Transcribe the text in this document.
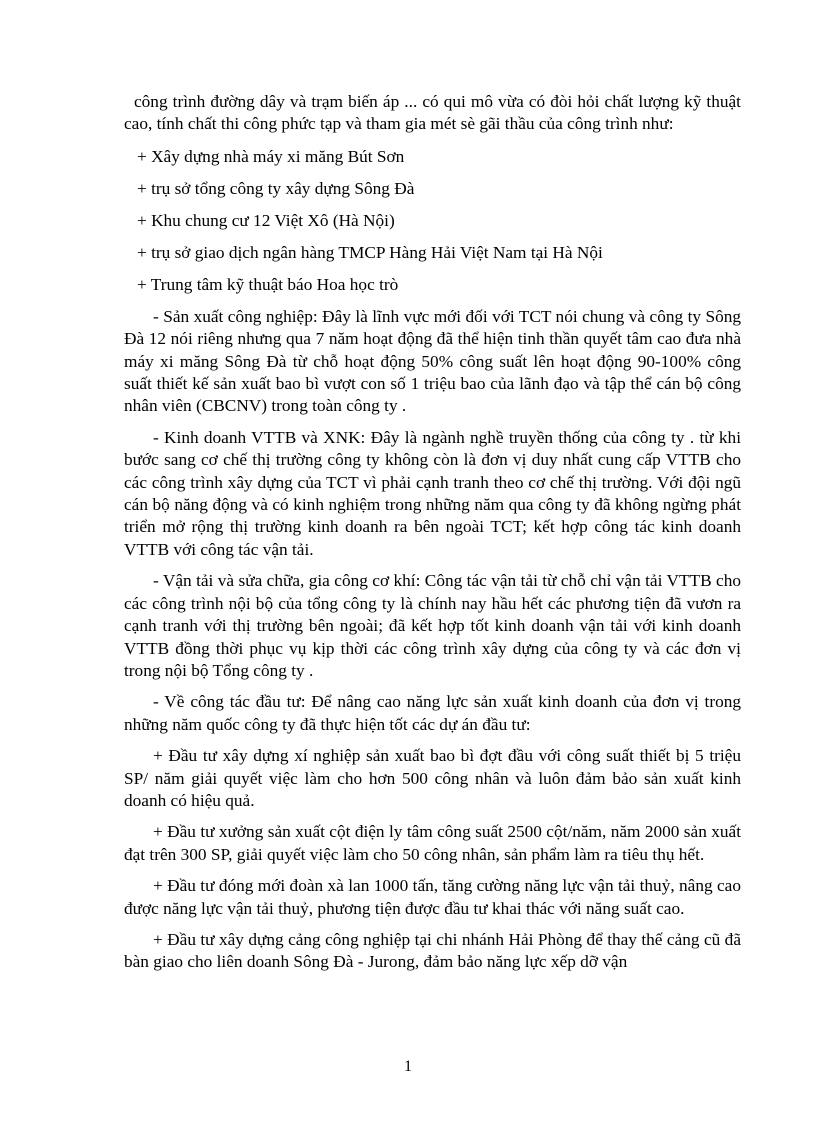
công trình đường dây và trạm biến áp ... có qui mô vừa có đòi hỏi chất lượng kỹ thuật cao, tính chất thi công phức tạp và tham gia mét sè gãi thầu của công trình như:

+ Xây dựng nhà máy xi măng Bút Sơn

+ trụ sở tổng công ty xây dựng Sông Đà

+ Khu chung cư 12 Việt Xô (Hà Nội)

+ trụ sở giao dịch ngân hàng TMCP Hàng Hải Việt Nam tại Hà Nội

+ Trung tâm kỹ thuật báo Hoa học trò

- Sản xuất công nghiệp: Đây là lĩnh vực mới đối với TCT nói chung và công ty Sông Đà 12 nói riêng nhưng qua 7 năm hoạt động đã thể hiện tinh thần quyết tâm cao đưa nhà máy xi măng Sông Đà từ chỗ hoạt động 50% công suất lên hoạt động 90-100% công suất thiết kế sản xuất bao bì vượt con số 1 triệu bao của lãnh đạo và tập thể cán bộ công nhân viên (CBCNV) trong toàn công ty .

- Kinh doanh VTTB và XNK: Đây là ngành nghề truyền thống của công ty . từ khi bước sang cơ chế thị trường công ty không còn là đơn vị duy nhất cung cấp VTTB cho các công trình xây dựng của TCT vì phải cạnh tranh theo cơ chế thị trường. Với đội ngũ cán bộ năng động và có kinh nghiệm trong những năm qua công ty đã không ngừng phát triển mở rộng thị trường kinh doanh ra bên ngoài TCT; kết hợp công tác kinh doanh VTTB với công tác vận tải.

- Vận tải và sửa chữa, gia công cơ khí: Công tác vận tải từ chỗ chỉ vận tải VTTB cho các công trình nội bộ của tổng công ty là chính nay hầu hết các phương tiện đã vươn ra cạnh tranh với thị trường bên ngoài; đã kết hợp tốt kinh doanh vận tải với kinh doanh VTTB đồng thời phục vụ kịp thời các công trình xây dựng của công ty và các đơn vị trong nội bộ Tổng công ty .

- Về công tác đầu tư: Để nâng cao năng lực sản xuất kinh doanh của đơn vị trong những năm quốc công ty đã thực hiện tốt các dự án đầu tư:

+ Đầu tư xây dựng xí nghiệp sản xuất bao bì đợt đầu với công suất thiết bị 5 triệu SP/ năm giải quyết việc làm cho hơn 500 công nhân và luôn đảm bảo sản xuất kinh doanh có hiệu quả.

+ Đầu tư xưởng sản xuất cột điện ly tâm công suất 2500 cột/năm, năm 2000 sản xuất đạt trên 300 SP, giải quyết việc làm cho 50 công nhân, sản phẩm làm ra tiêu thụ hết.

+ Đầu tư đóng mới đoàn xà lan 1000 tấn, tăng cường năng lực vận tải thuỷ, nâng cao được năng lực vận tải thuỷ, phương tiện được đầu tư khai thác với năng suất cao.

+ Đầu tư xây dựng cảng công nghiệp tại chi nhánh Hải Phòng để thay thế cảng cũ đã bàn giao cho liên doanh Sông Đà - Jurong, đảm bảo năng lực xếp dỡ vận

1
